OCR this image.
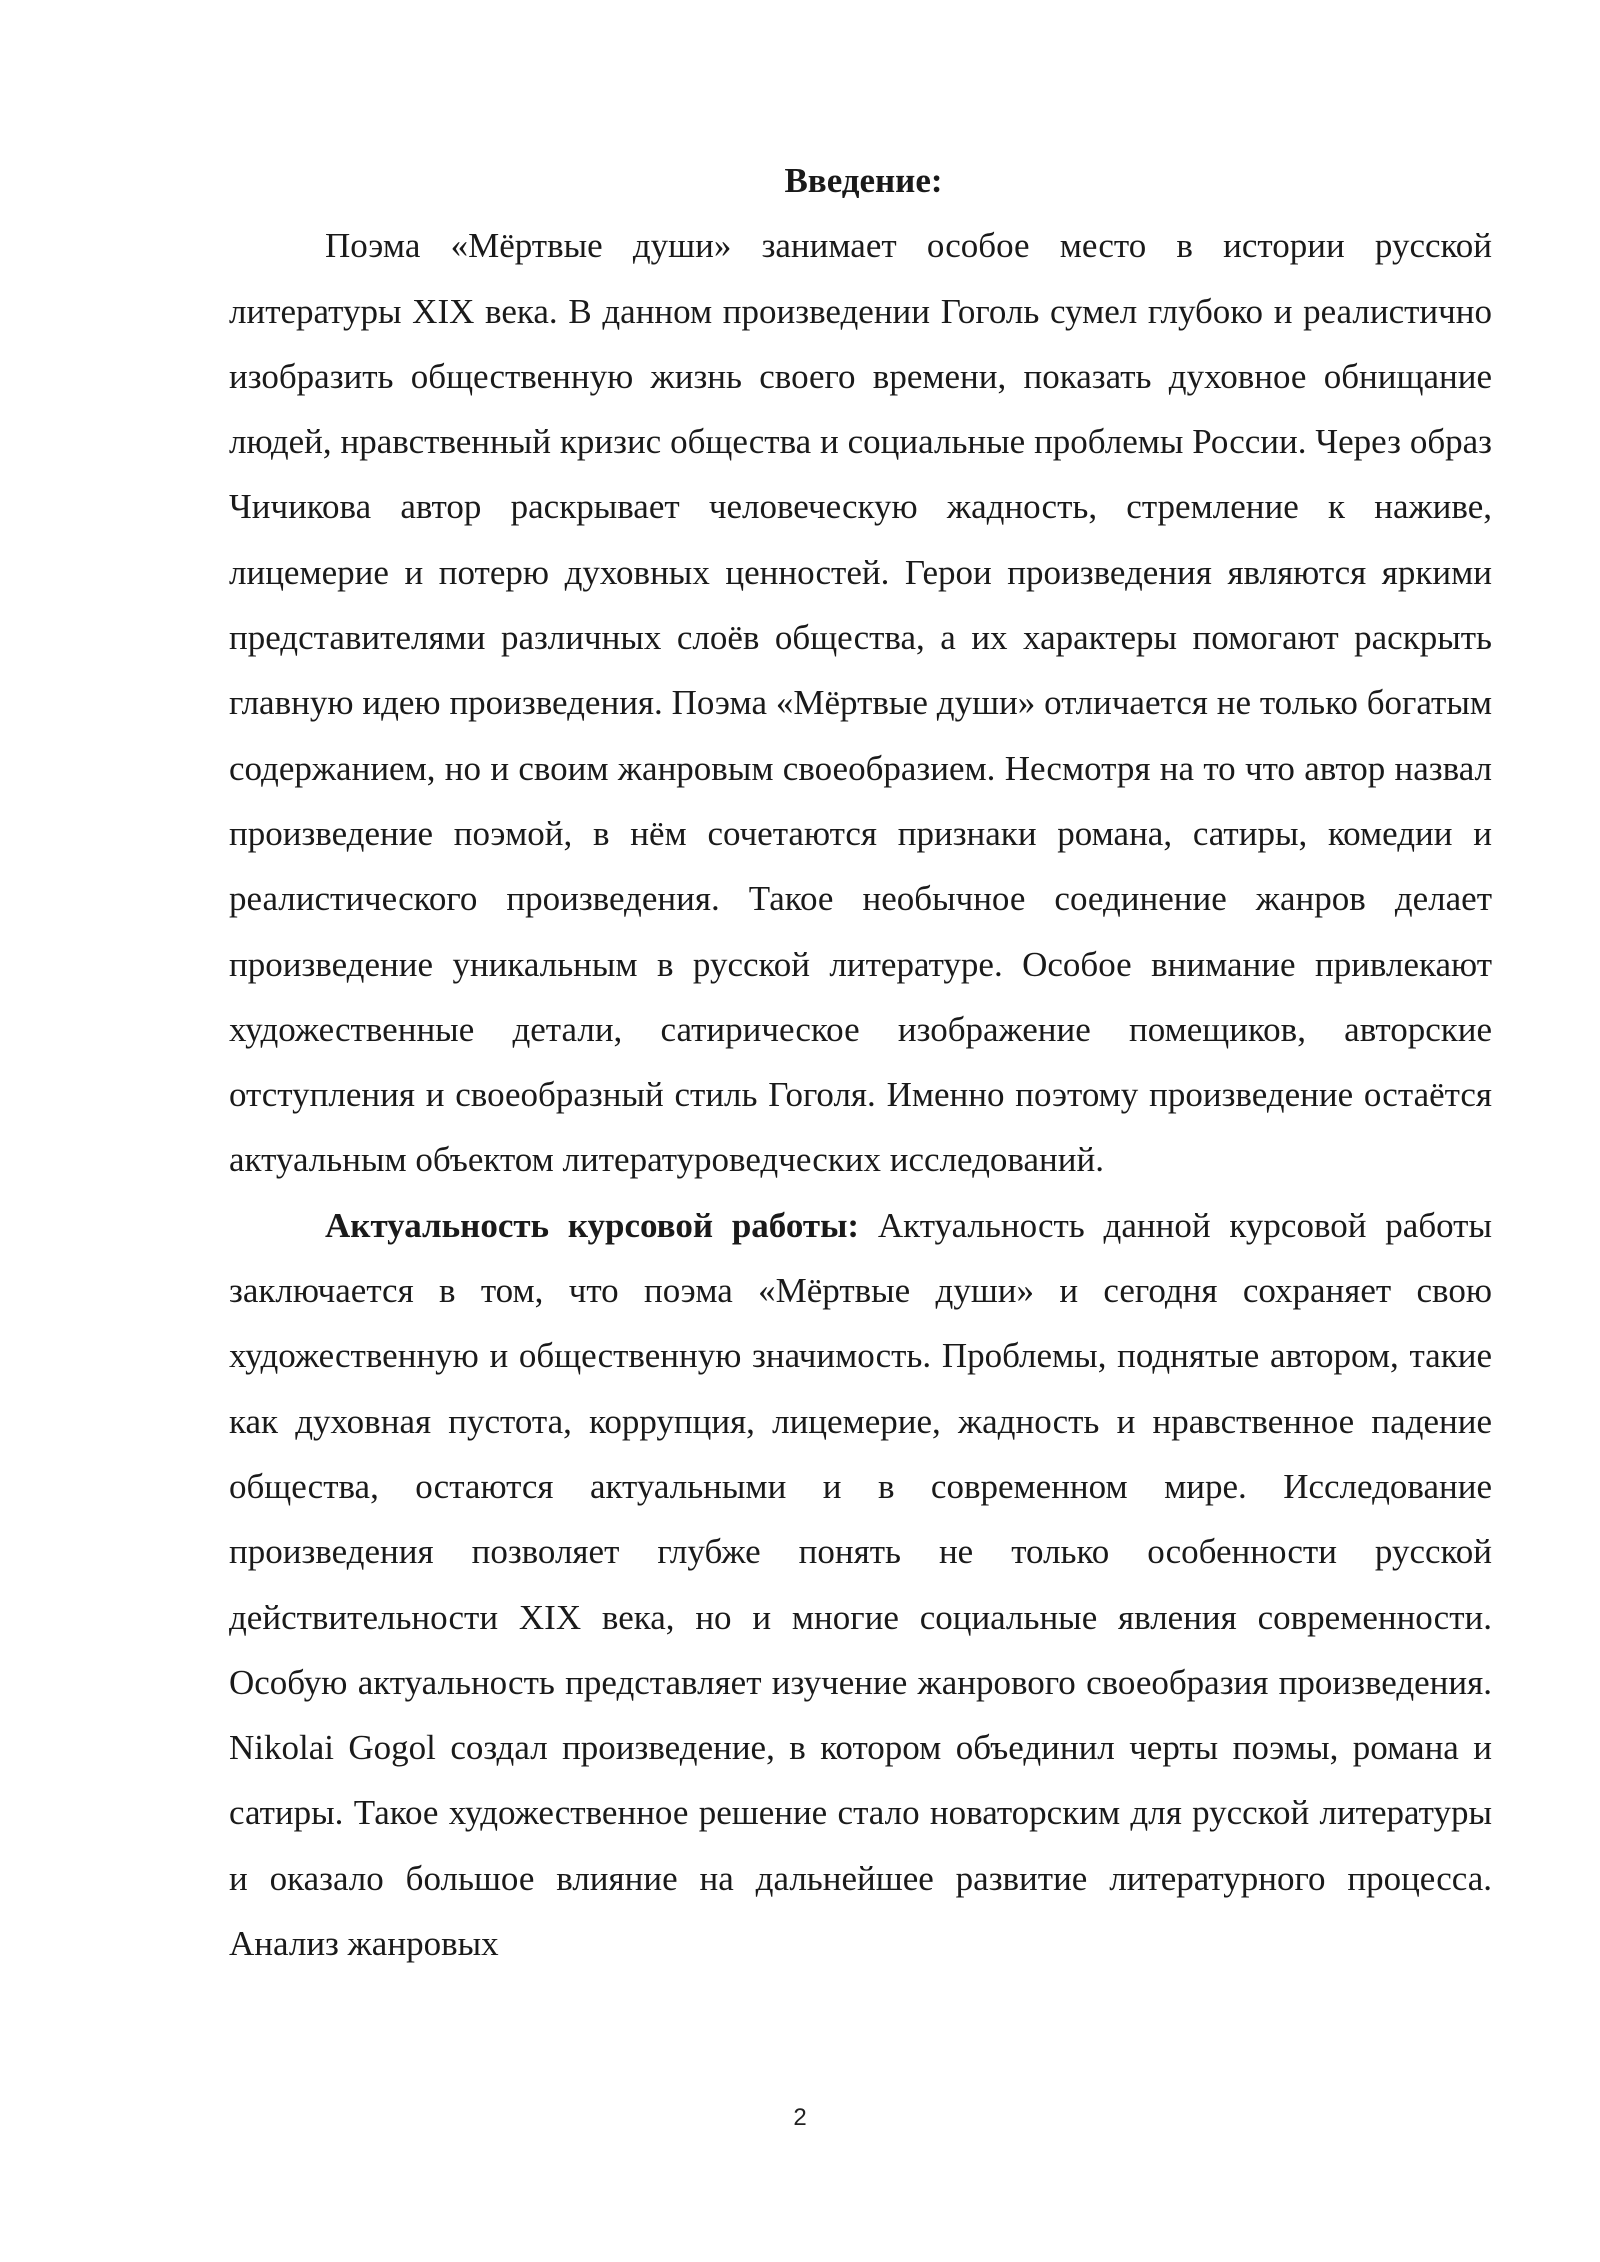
Введение:

Поэма «Мёртвые души» занимает особое место в истории русской литературы XIX века. В данном произведении Гоголь сумел глубоко и реалистично изобразить общественную жизнь своего времени, показать духовное обнищание людей, нравственный кризис общества и социальные проблемы России. Через образ Чичикова автор раскрывает человеческую жадность, стремление к наживе, лицемерие и потерю духовных ценностей. Герои произведения являются яркими представителями различных слоёв общества, а их характеры помогают раскрыть главную идею произведения. Поэма «Мёртвые души» отличается не только богатым содержанием, но и своим жанровым своеобразием. Несмотря на то что автор назвал произведение поэмой, в нём сочетаются признаки романа, сатиры, комедии и реалистического произведения. Такое необычное соединение жанров делает произведение уникальным в русской литературе. Особое внимание привлекают художественные детали, сатирическое изображение помещиков, авторские отступления и своеобразный стиль Гоголя. Именно поэтому произведение остаётся актуальным объектом литературоведческих исследований.

Актуальность курсовой работы: Актуальность данной курсовой работы заключается в том, что поэма «Мёртвые души» и сегодня сохраняет свою художественную и общественную значимость. Проблемы, поднятые автором, такие как духовная пустота, коррупция, лицемерие, жадность и нравственное падение общества, остаются актуальными и в современном мире. Исследование произведения позволяет глубже понять не только особенности русской действительности XIX века, но и многие социальные явления современности. Особую актуальность представляет изучение жанрового своеобразия произведения. Nikolai Gogol создал произведение, в котором объединил черты поэмы, романа и сатиры. Такое художественное решение стало новаторским для русской литературы и оказало большое влияние на дальнейшее развитие литературного процесса. Анализ жанровых

2
